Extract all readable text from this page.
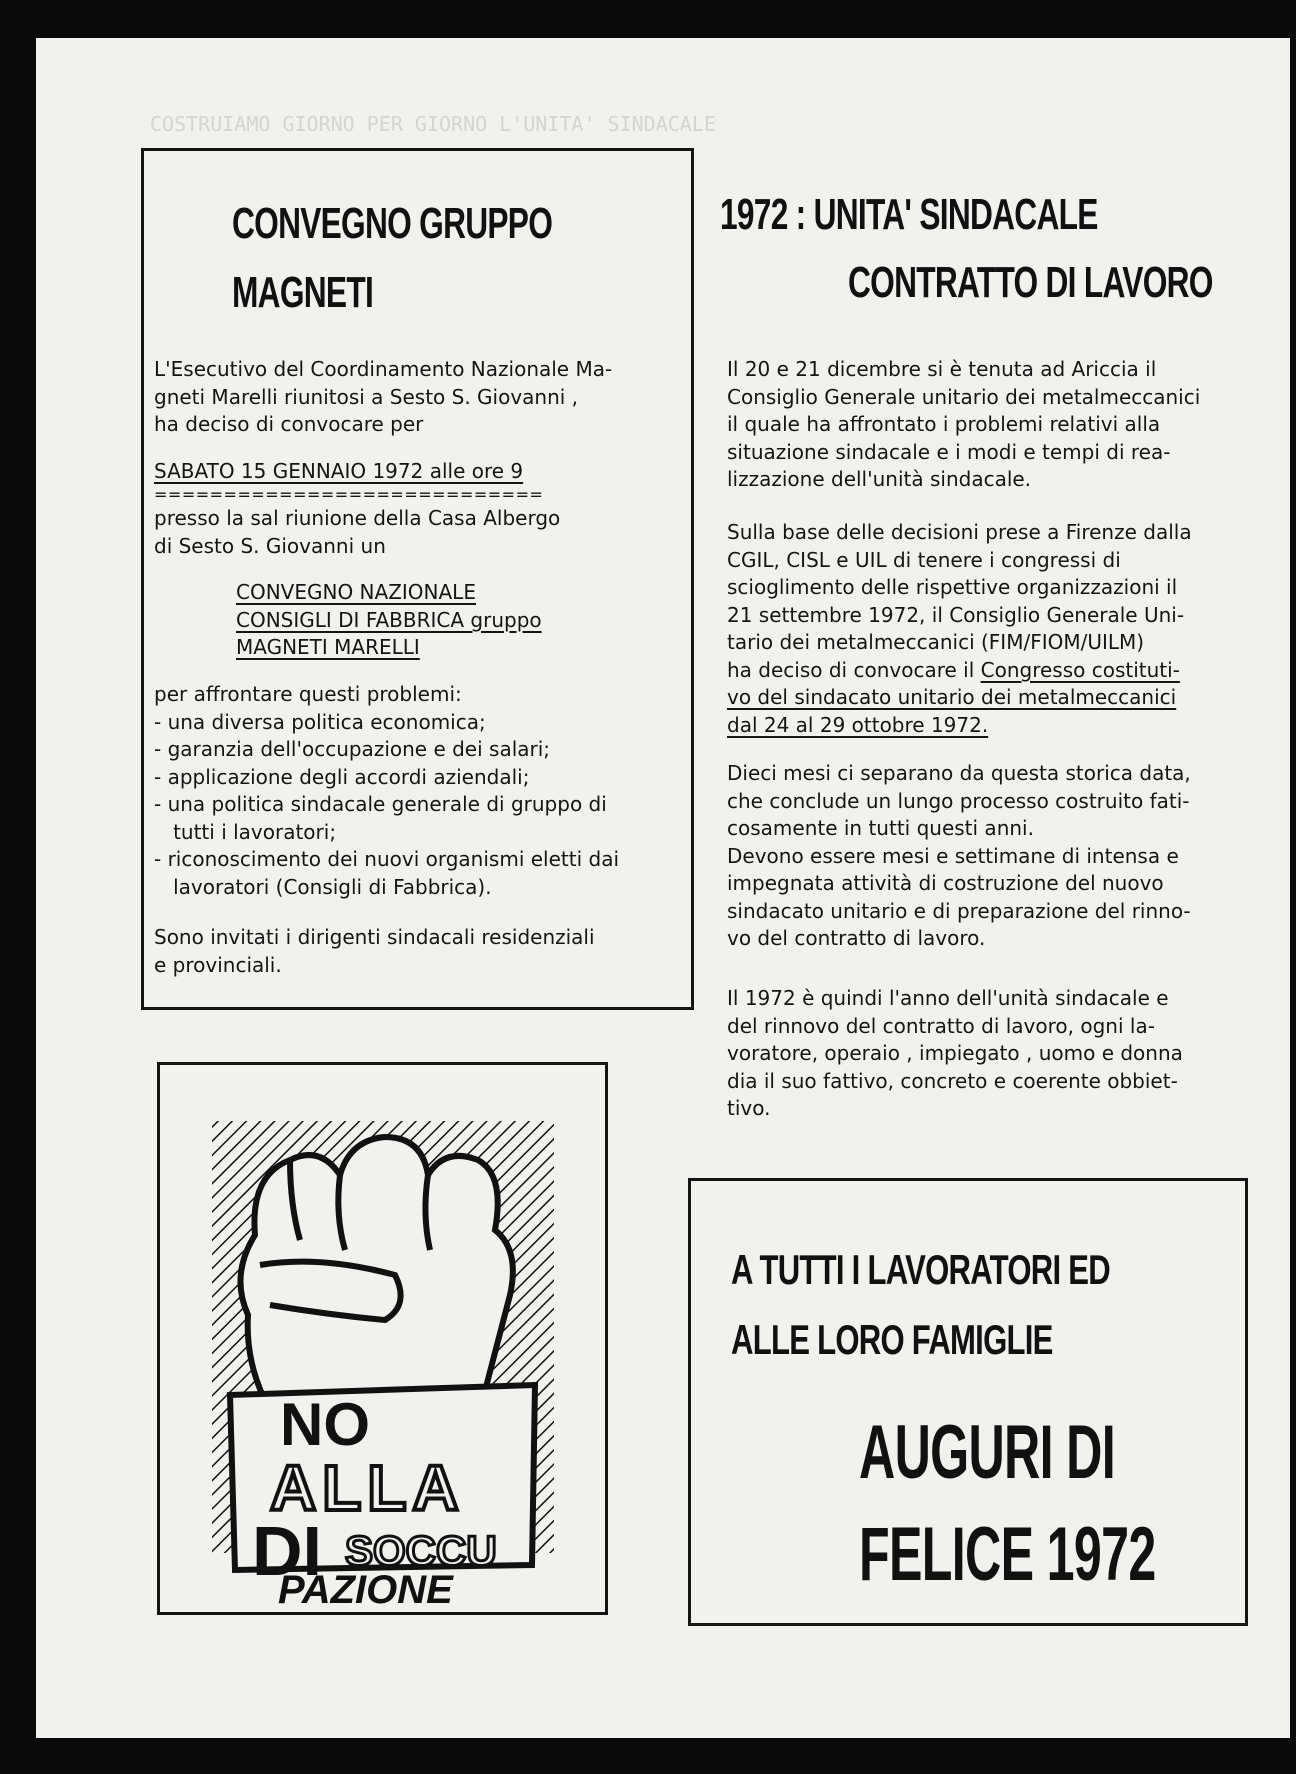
COSTRUIAMO GIORNO PER GIORNO L'UNITA' SINDACALE
CONVEGNO GRUPPO
MAGNETI

L'Esecutivo del Coordinamento Nazionale Ma-

gneti Marelli riunitosi a Sesto S. Giovanni ,

ha deciso di convocare per

SABATO 15 GENNAIO 1972 alle ore 9

============================

presso la sal riunione della Casa Albergo

di Sesto S. Giovanni un

CONVEGNO NAZIONALE

CONSIGLI DI FABBRICA gruppo

MAGNETI MARELLI

per affrontare questi problemi:

- una diversa politica economica;

- garanzia dell'occupazione e dei salari;

- applicazione degli accordi aziendali;

- una politica sindacale generale di gruppo di

tutti i lavoratori;

- riconoscimento dei nuovi organismi eletti dai

lavoratori (Consigli di Fabbrica).

Sono invitati i dirigenti sindacali residenziali

e provinciali.

1972 : UNITA' SINDACALE
CONTRATTO DI LAVORO

Il 20 e 21 dicembre si è tenuta ad Ariccia il

Consiglio Generale unitario dei metalmeccanici

il quale ha affrontato i problemi relativi alla

situazione sindacale e i modi e tempi di rea-

lizzazione dell'unità sindacale.

Sulla base delle decisioni prese a Firenze dalla

CGIL, CISL e UIL di tenere i congressi di

scioglimento delle rispettive organizzazioni il

21 settembre 1972, il Consiglio Generale Uni-

tario dei metalmeccanici (FIM/FIOM/UILM)

ha deciso di convocare il Congresso costituti-

vo del sindacato unitario dei metalmeccanici

dal 24 al 29 ottobre 1972.

Dieci mesi ci separano da questa storica data,

che conclude un lungo processo costruito fati-

cosamente in tutti questi anni.

Devono essere mesi e settimane di intensa e

impegnata attività di costruzione del nuovo

sindacato unitario e di preparazione del rinno-

vo del contratto di lavoro.

Il 1972 è quindi l'anno dell'unità sindacale e

del rinnovo del contratto di lavoro, ogni la-

voratore, operaio , impiegato , uomo e donna

dia il suo fattivo, concreto e coerente obbiet-

tivo.

NO
ALLA
DI SOCCU
PAZIONE
A TUTTI I LAVORATORI ED
ALLE LORO FAMIGLIE
AUGURI DI
FELICE 1972
